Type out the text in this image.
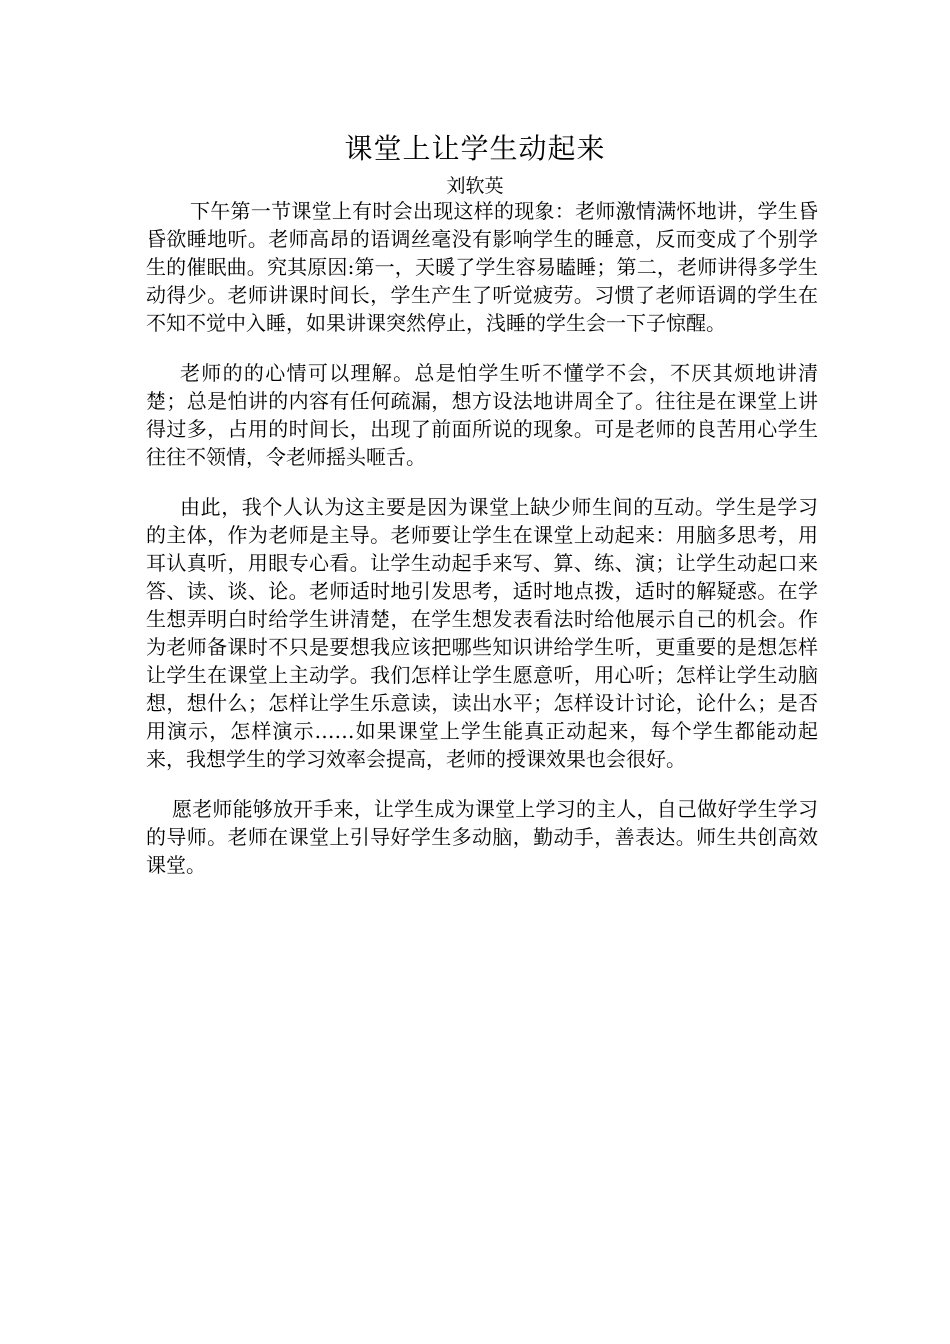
课堂上让学生动起来
刘软英

下午第一节课堂上有时会出现这样的现象：老师激情满怀地讲，学生昏昏欲睡地听。老师高昂的语调丝毫没有影响学生的睡意，反而变成了个别学生的催眠曲。究其原因:第一，天暖了学生容易瞌睡；第二，老师讲得多学生动得少。老师讲课时间长，学生产生了听觉疲劳。习惯了老师语调的学生在不知不觉中入睡，如果讲课突然停止，浅睡的学生会一下子惊醒。

老师的的心情可以理解。总是怕学生听不懂学不会，不厌其烦地讲清楚；总是怕讲的内容有任何疏漏，想方设法地讲周全了。往往是在课堂上讲得过多，占用的时间长，出现了前面所说的现象。可是老师的良苦用心学生往往不领情，令老师摇头咂舌。

由此，我个人认为这主要是因为课堂上缺少师生间的互动。学生是学习的主体，作为老师是主导。老师要让学生在课堂上动起来：用脑多思考，用耳认真听，用眼专心看。让学生动起手来写、算、练、演；让学生动起口来答、读、谈、论。老师适时地引发思考，适时地点拨，适时的解疑惑。在学生想弄明白时给学生讲清楚，在学生想发表看法时给他展示自己的机会。作为老师备课时不只是要想我应该把哪些知识讲给学生听，更重要的是想怎样让学生在课堂上主动学。我们怎样让学生愿意听，用心听；怎样让学生动脑想，想什么；怎样让学生乐意读，读出水平；怎样设计讨论，论什么；是否用演示，怎样演示……如果课堂上学生能真正动起来，每个学生都能动起来，我想学生的学习效率会提高，老师的授课效果也会很好。

愿老师能够放开手来，让学生成为课堂上学习的主人，自己做好学生学习的导师。老师在课堂上引导好学生多动脑，勤动手，善表达。师生共创高效课堂。
